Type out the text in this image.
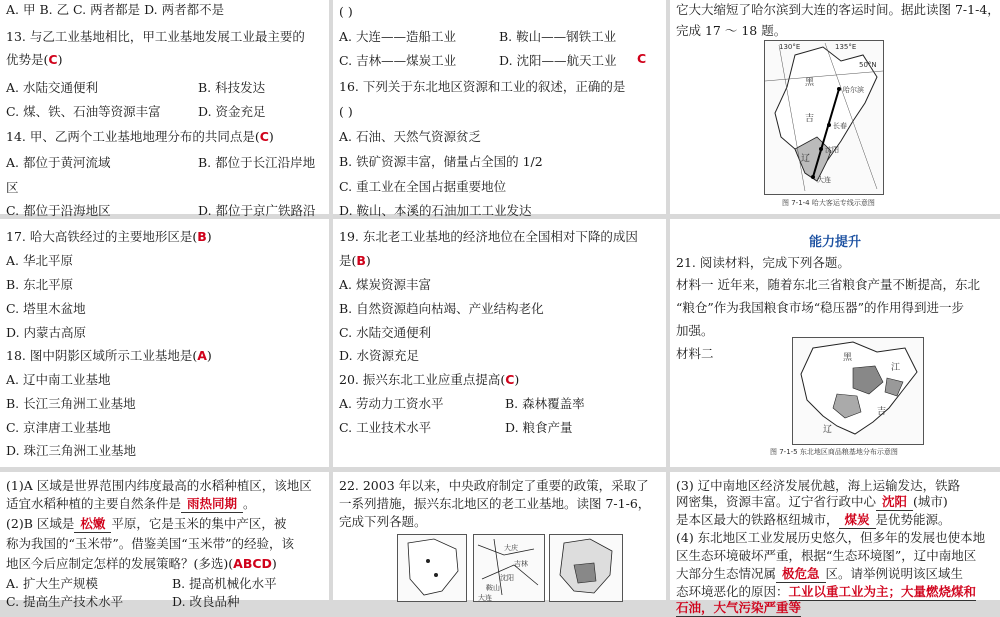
A. 甲 B. 乙 C. 两者都是 D. 两者都不是
13. 与乙工业基地相比，甲工业基地发展工业最主要的
优势是(C)
A. 水陆交通便利	B. 科技发达
C. 煤、铁、石油等资源丰富	D. 资金充足
14. 甲、乙两个工业基地地理分布的共同点是(C)
A. 都位于黄河流域	B. 都位于长江沿岸地
区
C. 都位于沿海地区	D. 都位于京广铁路沿
( )
A. 大连——造船工业	B. 鞍山——钢铁工业
C. 吉林——煤炭工业	D. 沈阳——航天工业 C
16. 下列关于东北地区资源和工业的叙述，正确的是
( )
A. 石油、天然气资源贫乏
B. 铁矿资源丰富，储量占全国的 1/2
C. 重工业在全国占据重要地位
D. 鞍山、本溪的石油加工工业发达
它大大缩短了哈尔滨到大连的客运时间。据此读图 7-1-4，
完成 17 ～ 18 题。
130°E	135°E
50°N
哈尔滨
长春
沈阳
大连
黑
吉
辽
图 7-1-4 哈大客运专线示意图
17. 哈大高铁经过的主要地形区是(B)
A. 华北平原
B. 东北平原
C. 塔里木盆地
D. 内蒙古高原
18. 图中阴影区域所示工业基地是(A)
A. 辽中南工业基地
B. 长江三角洲工业基地
C. 京津唐工业基地
D. 珠江三角洲工业基地
19. 东北老工业基地的经济地位在全国相对下降的成因
是(B)
A. 煤炭资源丰富
B. 自然资源趋向枯竭、产业结构老化
C. 水陆交通便利
D. 水资源充足
20. 振兴东北工业应重点提高(C)
A. 劳动力工资水平	B. 森林覆盖率
C. 工业技术水平	D. 粮食产量
能力提升
21. 阅读材料，完成下列各题。
材料一 近年来，随着东北三省粮食产量不断提高，东北
“粮仓”作为我国粮食市场“稳压器”的作用得到进一步
加强。
材料二	黑
江
吉
辽
图 7-1-5 东北地区商品粮基地分布示意图
(1)A 区域是世界范围内纬度最高的水稻种植区，该地区
适宜水稻种植的主要自然条件是 雨热同期 。
(2)B 区域是 松嫩 平原，它是玉米的集中产区，被
称为我国的“玉米带”。借鉴美国“玉米带”的经验，该
地区今后应制定怎样的发展策略？(多选)(ABCD)
A. 扩大生产规模	B. 提高机械化水平
C. 提高生产技术水平	D. 改良品种
22. 2003 年以来，中央政府制定了重要的政策，采取了
一系列措施，振兴东北地区的老工业基地。读图 7-1-6，
完成下列各题。
大庆
吉林
沈阳
鞍山
大连
(3) 辽中南地区经济发展优越，海上运输发达，铁路
网密集，资源丰富。辽宁省行政中心 沈阳 (城市)
是本区最大的铁路枢纽城市， 煤炭 是优势能源。
(4) 东北地区工业发展历史悠久，但多年的发展也使本地
区生态环境破坏严重，根据“生态环境图”，辽中南地区
大部分生态情况属 极危急 区。请举例说明该区域生
态环境恶化的原因：工业以重工业为主；大量燃烧煤和
石油，大气污染严重等
